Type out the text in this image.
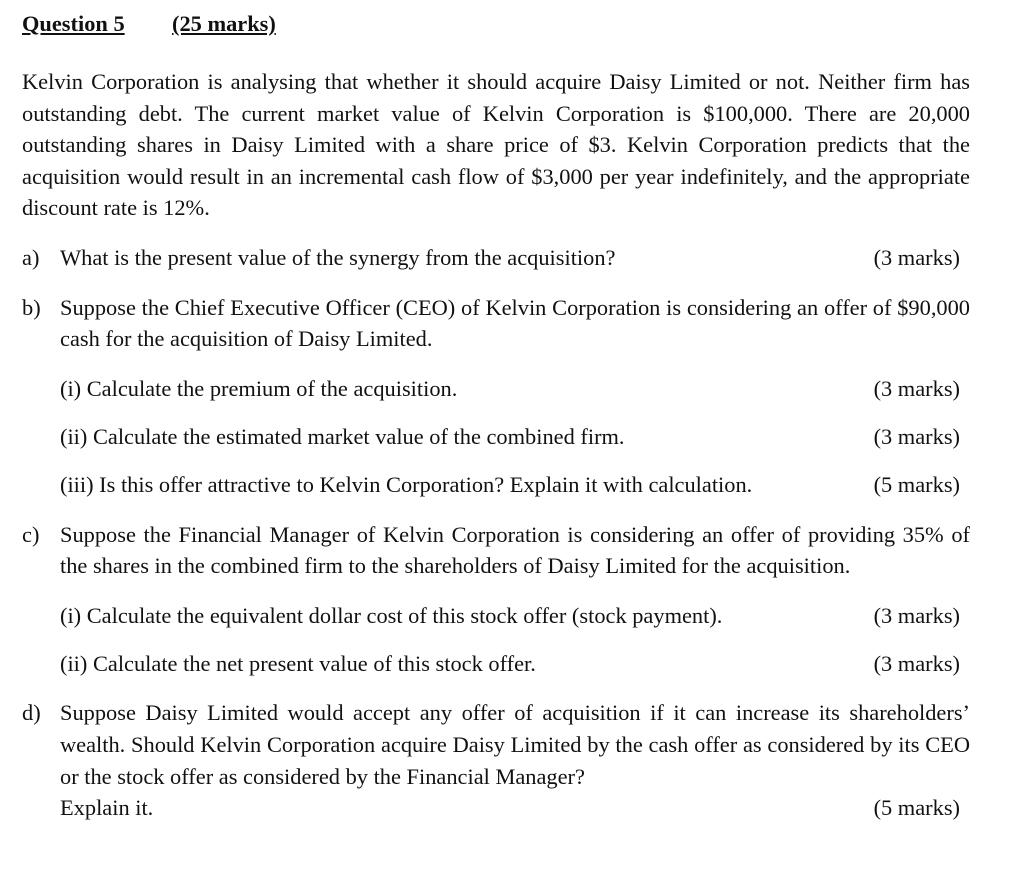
Question 5 (25 marks)
Kelvin Corporation is analysing that whether it should acquire Daisy Limited or not. Neither firm has outstanding debt. The current market value of Kelvin Corporation is $100,000. There are 20,000 outstanding shares in Daisy Limited with a share price of $3. Kelvin Corporation predicts that the acquisition would result in an incremental cash flow of $3,000 per year indefinitely, and the appropriate discount rate is 12%.
a) What is the present value of the synergy from the acquisition?	(3 marks)
b) Suppose the Chief Executive Officer (CEO) of Kelvin Corporation is considering an offer of $90,000 cash for the acquisition of Daisy Limited.
(i) Calculate the premium of the acquisition.	(3 marks)
(ii) Calculate the estimated market value of the combined firm.	(3 marks)
(iii) Is this offer attractive to Kelvin Corporation? Explain it with calculation.	(5 marks)
c) Suppose the Financial Manager of Kelvin Corporation is considering an offer of providing 35% of the shares in the combined firm to the shareholders of Daisy Limited for the acquisition.
(i) Calculate the equivalent dollar cost of this stock offer (stock payment).	(3 marks)
(ii) Calculate the net present value of this stock offer.	(3 marks)
d) Suppose Daisy Limited would accept any offer of acquisition if it can increase its shareholders’ wealth. Should Kelvin Corporation acquire Daisy Limited by the cash offer as considered by its CEO or the stock offer as considered by the Financial Manager?
Explain it.	(5 marks)
